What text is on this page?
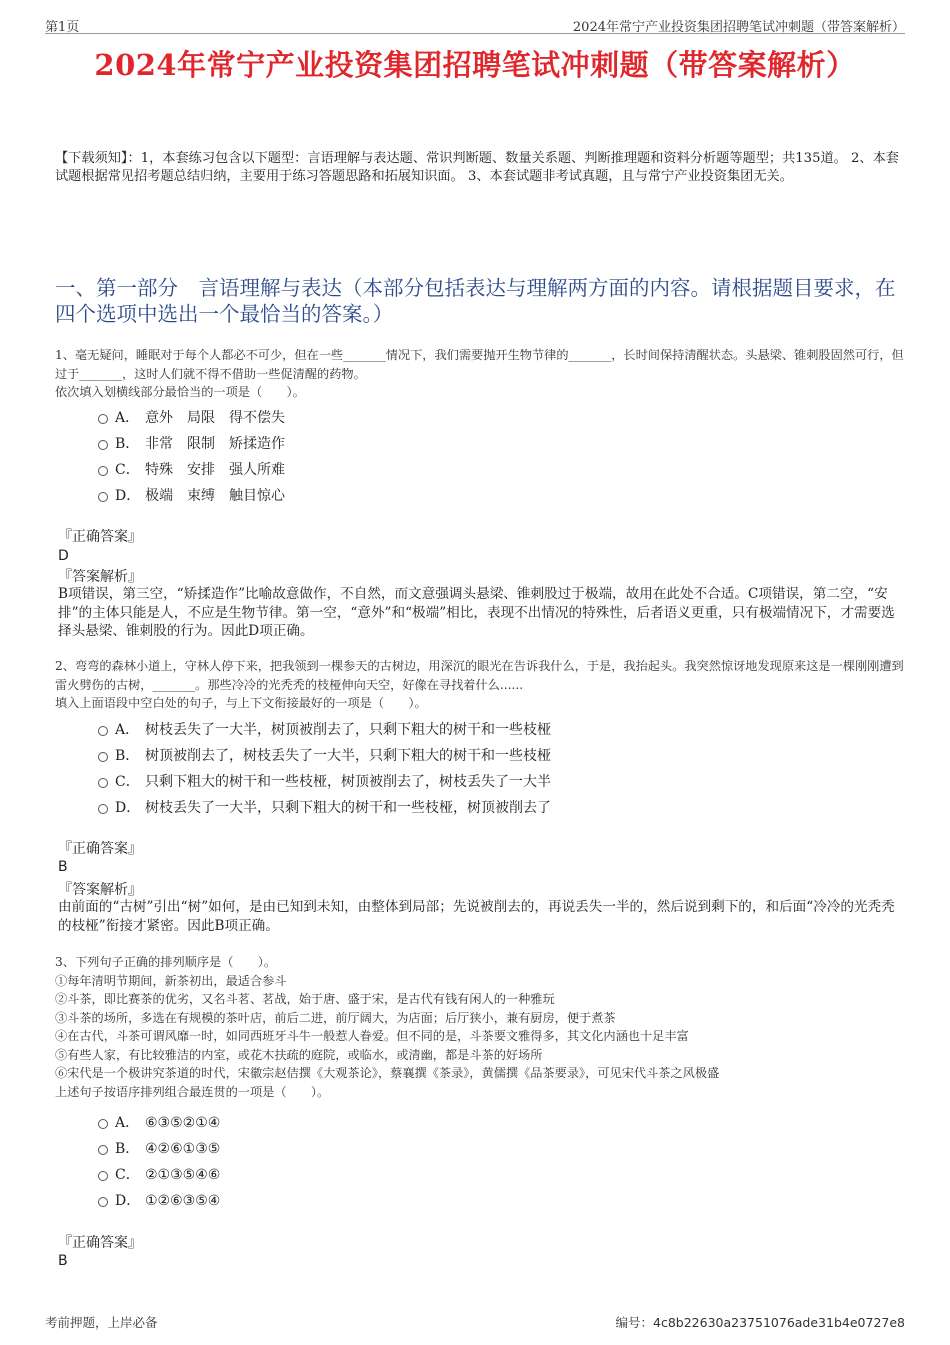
第1页	2024年常宁产业投资集团招聘笔试冲刺题（带答案解析）
2024年常宁产业投资集团招聘笔试冲刺题（带答案解析）
【下载须知】：1，本套练习包含以下题型：言语理解与表达题、常识判断题、数量关系题、判断推理题和资料分析题等题型；共135道。 2、本套试题根据常见招考题总结归纳，主要用于练习答题思路和拓展知识面。 3、本套试题非考试真题，且与常宁产业投资集团无关。
一、第一部分　言语理解与表达（本部分包括表达与理解两方面的内容。请根据题目要求，在四个选项中选出一个最恰当的答案。）

1、毫无疑问，睡眠对于每个人都必不可少，但在一些_______情况下，我们需要抛开生物节律的_______，长时间保持清醒状态。头悬梁、锥刺股固然可行，但过于_______，这时人们就不得不借助一些促清醒的药物。

依次填入划横线部分最恰当的一项是（　　）。

A． 意外　局限　得不偿失
B． 非常　限制　矫揉造作
C． 特殊　安排　强人所难
D． 极端　束缚　触目惊心
『正确答案』
D
『答案解析』
B项错误，第三空，“矫揉造作”比喻故意做作，不自然，而文意强调头悬梁、锥刺股过于极端，故用在此处不合适。C项错误，第二空，“安排”的主体只能是人，不应是生物节律。第一空，“意外”和“极端”相比，表现不出情况的特殊性，后者语义更重，只有极端情况下，才需要选择头悬梁、锥刺股的行为。因此D项正确。

2、弯弯的森林小道上，守林人停下来，把我领到一棵参天的古树边，用深沉的眼光在告诉我什么，于是，我抬起头。我突然惊讶地发现原来这是一棵刚刚遭到雷火劈伤的古树，_______。那些冷冷的光秃秃的枝桠伸向天空，好像在寻找着什么......

填入上面语段中空白处的句子，与上下文衔接最好的一项是（　　）。

A． 树枝丢失了一大半，树顶被削去了，只剩下粗大的树干和一些枝桠
B． 树顶被削去了，树枝丢失了一大半，只剩下粗大的树干和一些枝桠
C． 只剩下粗大的树干和一些枝桠，树顶被削去了，树枝丢失了一大半
D． 树枝丢失了一大半，只剩下粗大的树干和一些枝桠，树顶被削去了
『正确答案』
B
『答案解析』
由前面的“古树”引出“树”如何，是由已知到未知，由整体到局部；先说被削去的，再说丢失一半的，然后说到剩下的，和后面“冷冷的光秃秃的枝桠”衔接才紧密。因此B项正确。

3、下列句子正确的排列顺序是（　　）。

①每年清明节期间，新茶初出，最适合参斗

②斗茶，即比赛茶的优劣，又名斗茗、茗战，始于唐、盛于宋，是古代有钱有闲人的一种雅玩

③斗茶的场所，多选在有规模的茶叶店，前后二进，前厅阔大，为店面；后厅狭小，兼有厨房，便于煮茶

④在古代，斗茶可谓风靡一时，如同西班牙斗牛一般惹人眷爱。但不同的是，斗茶要文雅得多，其文化内涵也十足丰富

⑤有些人家，有比较雅洁的内室，或花木扶疏的庭院，或临水，或清幽，都是斗茶的好场所

⑥宋代是一个极讲究茶道的时代，宋徽宗赵佶撰《大观茶论》，蔡襄撰《茶录》，黄儒撰《品茶要录》，可见宋代斗茶之风极盛

上述句子按语序排列组合最连贯的一项是（　　）。

A． ⑥③⑤②①④
B． ④②⑥①③⑤
C． ②①③⑤④⑥
D． ①②⑥③⑤④
『正确答案』
B
考前押题，上岸必备	编号：4c8b22630a23751076ade31b4e0727e8
